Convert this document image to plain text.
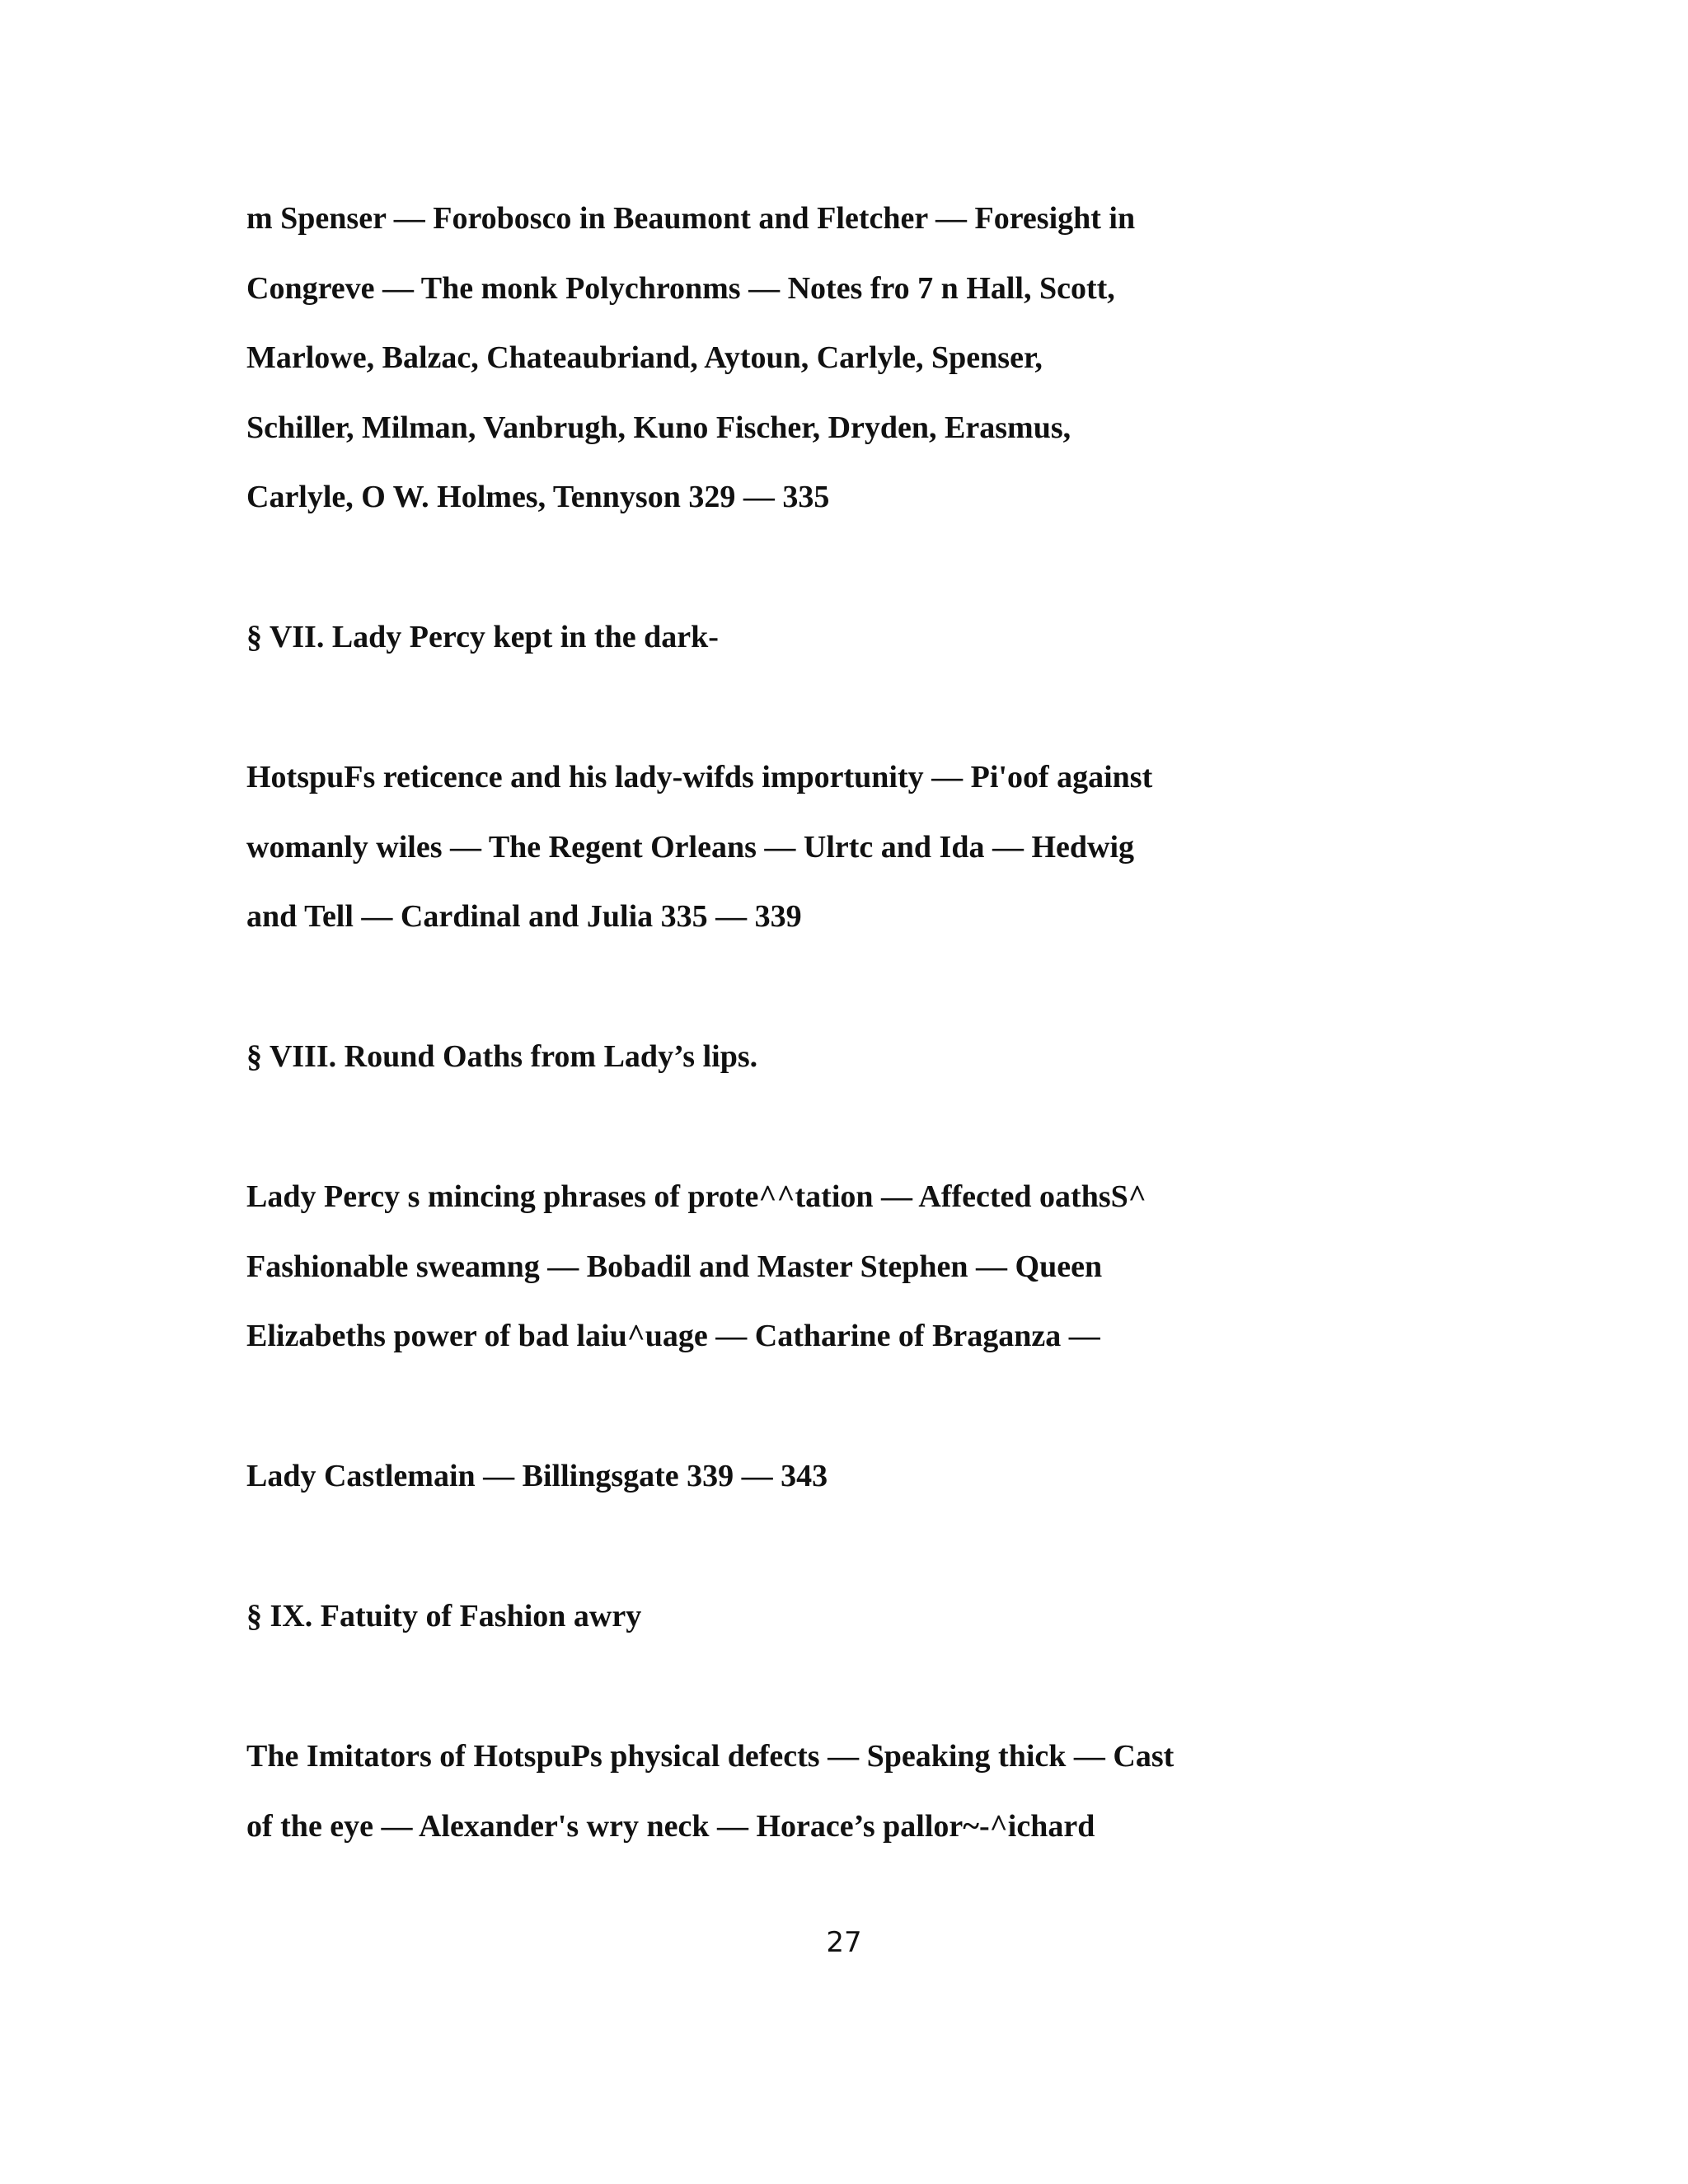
m Spenser — Forobosco in Beaumont and Fletcher — Foresight in
Congreve — The monk Polychronms — Notes fro 7 n Hall, Scott,
Marlowe, Balzac, Chateaubriand, Aytoun, Carlyle, Spenser,
Schiller, Milman, Vanbrugh, Kuno Fischer, Dryden, Erasmus,
Carlyle, O W. Holmes, Tennyson 329 — 335
§ VII. Lady Percy kept in the dark-
HotspuFs reticence and his lady-wifds importunity — Pi'oof against
womanly wiles — The Regent Orleans — Ulrtc and Ida — Hedwig
and Tell — Cardinal and Julia 335 — 339
§ VIII. Round Oaths from Lady’s lips.
Lady Percy s mincing phrases of prote^^tation — Affected oathsS^
Fashionable sweamng — Bobadil and Master Stephen — Queen
Elizabeths power of bad laiu^uage — Catharine of Braganza —
Lady Castlemain — Billingsgate 339 — 343
§ IX. Fatuity of Fashion awry
The Imitators of HotspuPs physical defects — Speaking thick — Cast
of the eye — Alexander's wry neck — Horace’s pallor~-^ichard
27
